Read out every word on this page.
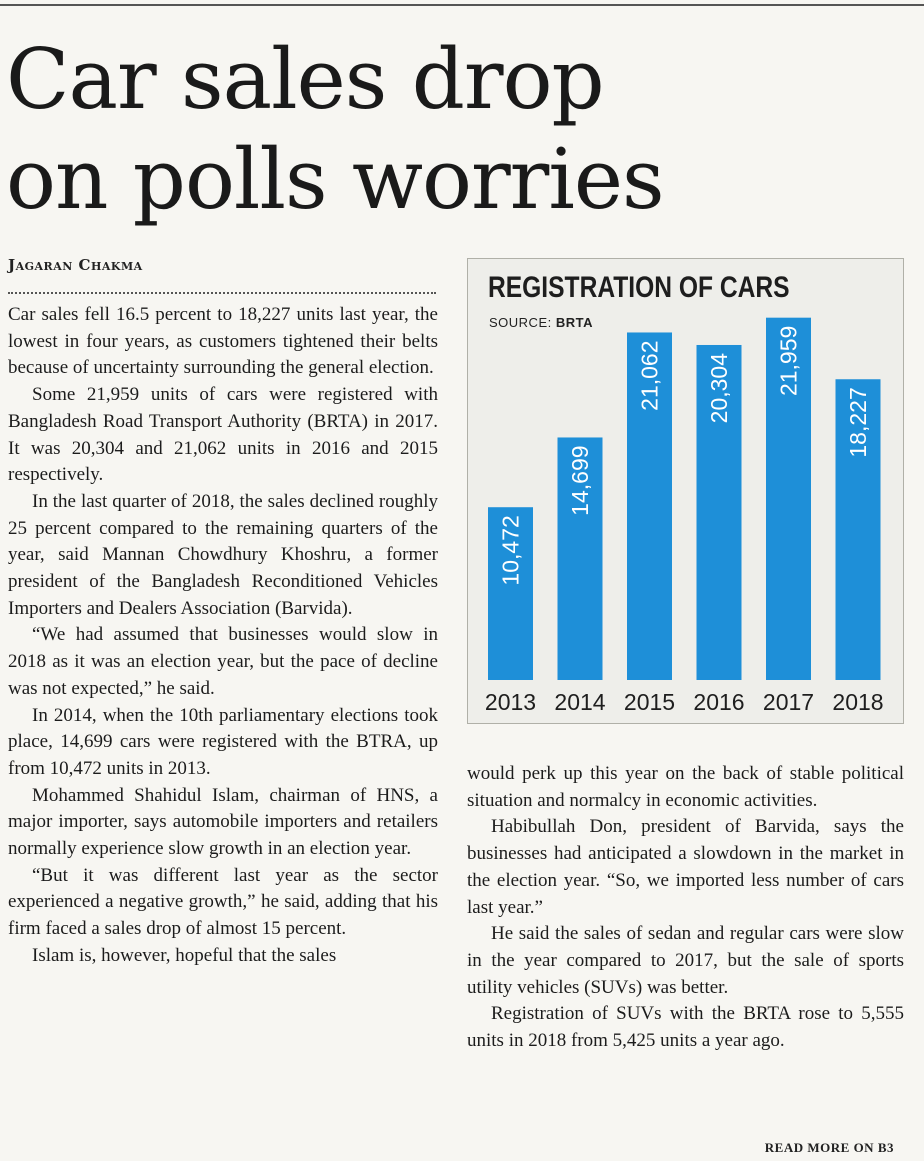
Car sales drop
on polls worries
Jagaran Chakma

Car sales fell 16.5 percent to 18,227 units last year, the lowest in four years, as customers tightened their belts because of uncertainty surrounding the general election.

Some 21,959 units of cars were registered with Bangladesh Road Transport Authority (BRTA) in 2017. It was 20,304 and 21,062 units in 2016 and 2015 respectively.

In the last quarter of 2018, the sales declined roughly 25 percent compared to the remaining quarters of the year, said Mannan Chowdhury Khoshru, a former president of the Bangladesh Reconditioned Vehicles Importers and Dealers Association (Barvida).

“We had assumed that businesses would slow in 2018 as it was an election year, but the pace of decline was not expected,” he said.

In 2014, when the 10th parliamentary elections took place, 14,699 cars were registered with the BTRA, up from 10,472 units in 2013.

Mohammed Shahidul Islam, chairman of HNS, a major importer, says automobile importers and retailers normally experience slow growth in an election year.

“But it was different last year as the sector experienced a negative growth,” he said, adding that his firm faced a sales drop of almost 15 percent.

Islam is, however, hopeful that the sales

REGISTRATION OF CARS
SOURCE: BRTA
10,472
2013
14,699
2014
21,062
2015
20,304
2016
21,959
2017
18,227
2018

would perk up this year on the back of stable political situation and normalcy in economic activities.

Habibullah Don, president of Barvida, says the businesses had anticipated a slowdown in the market in the election year. “So, we imported less number of cars last year.”

He said the sales of sedan and regular cars were slow in the year compared to 2017, but the sale of sports utility vehicles (SUVs) was better.

Registration of SUVs with the BRTA rose to 5,555 units in 2018 from 5,425 units a year ago.

READ MORE ON B3
